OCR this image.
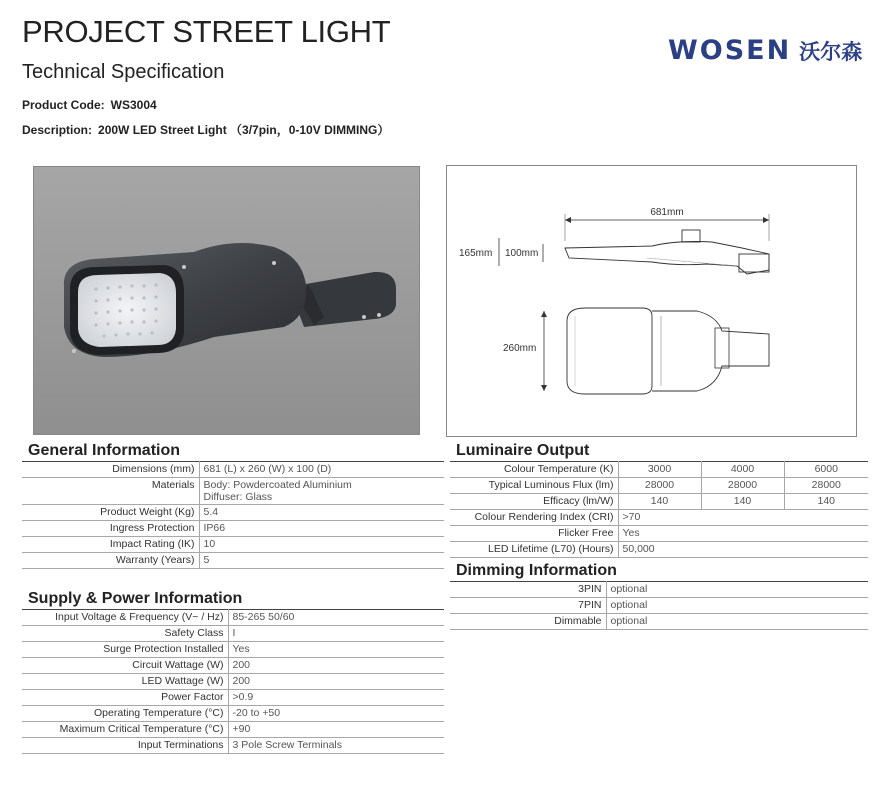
PROJECT STREET LIGHT
Technical Specification
Product Code: WS3004
Description: 200W LED Street Light （3/7pin，0-10V DIMMING）
WOSEN 沃尔森
681mm
165mm 100mm
260mm
General Information
Dimensions (mm)	681 (L) x 260 (W) x 100 (D)
Materials	Body: Powdercoated Aluminium
Diffuser: Glass

Product Weight (Kg)	5.4
Ingress Protection	IP66
Impact Rating (IK)	10
Warranty (Years)	5
Supply & Power Information
Input Voltage & Frequency (V~ / Hz)	85-265 50/60
Safety Class	I
Surge Protection Installed	Yes
Circuit Wattage (W)	200
LED Wattage (W)	200
Power Factor	>0.9
Operating Temperature (°C)	-20 to +50
Maximum Critical Temperature (°C)	+90
Input Terminations	3 Pole Screw Terminals
Luminaire Output
Colour Temperature (K)	3000	4000	6000
Typical Luminous Flux (lm)	28000	28000	28000
Efficacy (lm/W)	140	140	140
Colour Rendering Index (CRI)	>70		
Flicker Free	Yes		
LED Lifetime (L70) (Hours)	50,000		
Dimming Information
3PIN	optional
7PIN	optional
Dimmable	optional
